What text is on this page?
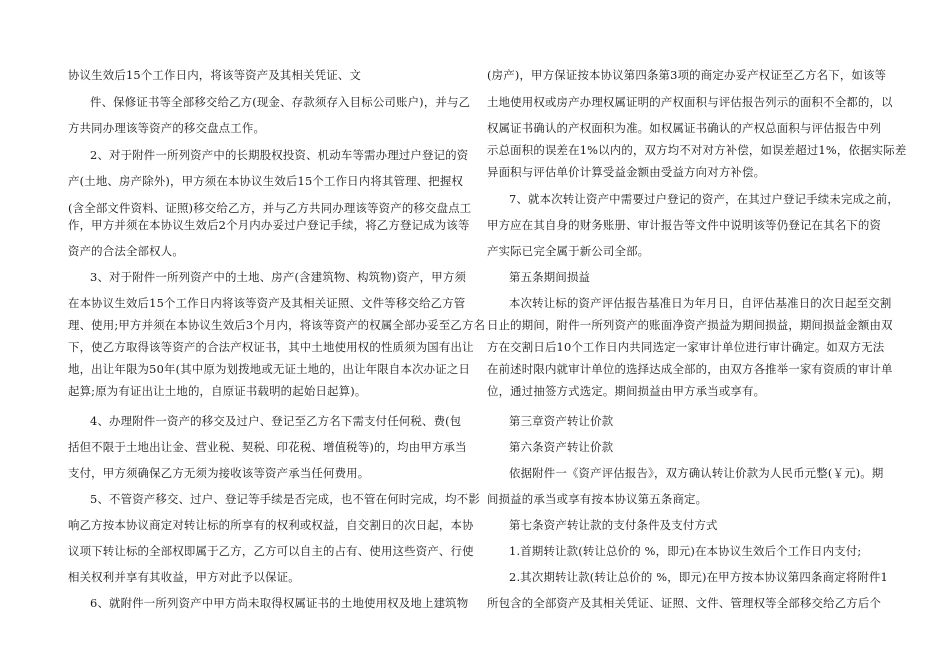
协议生效后15个工作日内，将该等资产及其相关凭证、文
件、保修证书等全部移交给乙方(现金、存款须存入目标公司账户)，并与乙
方共同办理该等资产的移交盘点工作。
2、对于附件一所列资产中的长期股权投资、机动车等需办理过户登记的资
产(土地、房产除外)，甲方须在本协议生效后15个工作日内将其管理、把握权
(含全部文件资料、证照)移交给乙方，并与乙方共同办理该等资产的移交盘点工
作，甲方并须在本协议生效后2个月内办妥过户登记手续，将乙方登记成为该等
资产的合法全部权人。
3、对于附件一所列资产中的土地、房产(含建筑物、构筑物)资产，甲方须
在本协议生效后15个工作日内将该等资产及其相关证照、文件等移交给乙方管
理、使用;甲方并须在本协议生效后3个月内，将该等资产的权属全部办妥至乙方名
下，使乙方取得该等资产的合法产权证书，其中土地使用权的性质须为国有出让
地，出让年限为50年(其中原为划拨地或无证土地的，出让年限自本次办证之日
起算;原为有证出让土地的，自原证书载明的起始日起算)。
4、办理附件一资产的移交及过户、登记至乙方名下需支付任何税、费(包
括但不限于土地出让金、营业税、契税、印花税、增值税等)的，均由甲方承当
支付，甲方须确保乙方无须为接收该等资产承当任何费用。
5、不管资产移交、过户、登记等手续是否完成，也不管在何时完成，均不影
响乙方按本协议商定对转让标的所享有的权利或权益，自交割日的次日起，本协
议项下转让标的全部权即属于乙方，乙方可以自主的占有、使用这些资产、行使
相关权利并享有其收益，甲方对此予以保证。
6、就附件一所列资产中甲方尚未取得权属证书的土地使用权及地上建筑物
(房产)，甲方保证按本协议第四条第3项的商定办妥产权证至乙方名下，如该等
土地使用权或房产办理权属证明的产权面积与评估报告列示的面积不全都的，以
权属证书确认的产权面积为准。如权属证书确认的产权总面积与评估报告中列
示总面积的误差在1%以内的，双方均不对对方补偿，如误差超过1%，依据实际差
异面积与评估单价计算受益金额由受益方向对方补偿。
7、就本次转让资产中需要过户登记的资产，在其过户登记手续未完成之前，
甲方应在其自身的财务账册、审计报告等文件中说明该等仍登记在其名下的资
产实际已完全属于新公司全部。
第五条期间损益
本次转让标的资产评估报告基准日为年月日，自评估基准日的次日起至交割
日止的期间，附件一所列资产的账面净资产损益为期间损益，期间损益金额由双
方在交割日后10个工作日内共同选定一家审计单位进行审计确定。如双方无法
在前述时限内就审计单位的选择达成全部的，由双方各推举一家有资质的审计单
位，通过抽签方式选定。期间损益由甲方承当或享有。
第三章资产转让价款
第六条资产转让价款
依据附件一《资产评估报告》，双方确认转让价款为人民币元整(￥元)。期
间损益的承当或享有按本协议第五条商定。
第七条资产转让款的支付条件及支付方式
1.首期转让款(转让总价的 %，即元)在本协议生效后个工作日内支付;
2.其次期转让款(转让总价的 %，即元)在甲方按本协议第四条商定将附件1
所包含的全部资产及其相关凭证、证照、文件、管理权等全部移交给乙方后个
